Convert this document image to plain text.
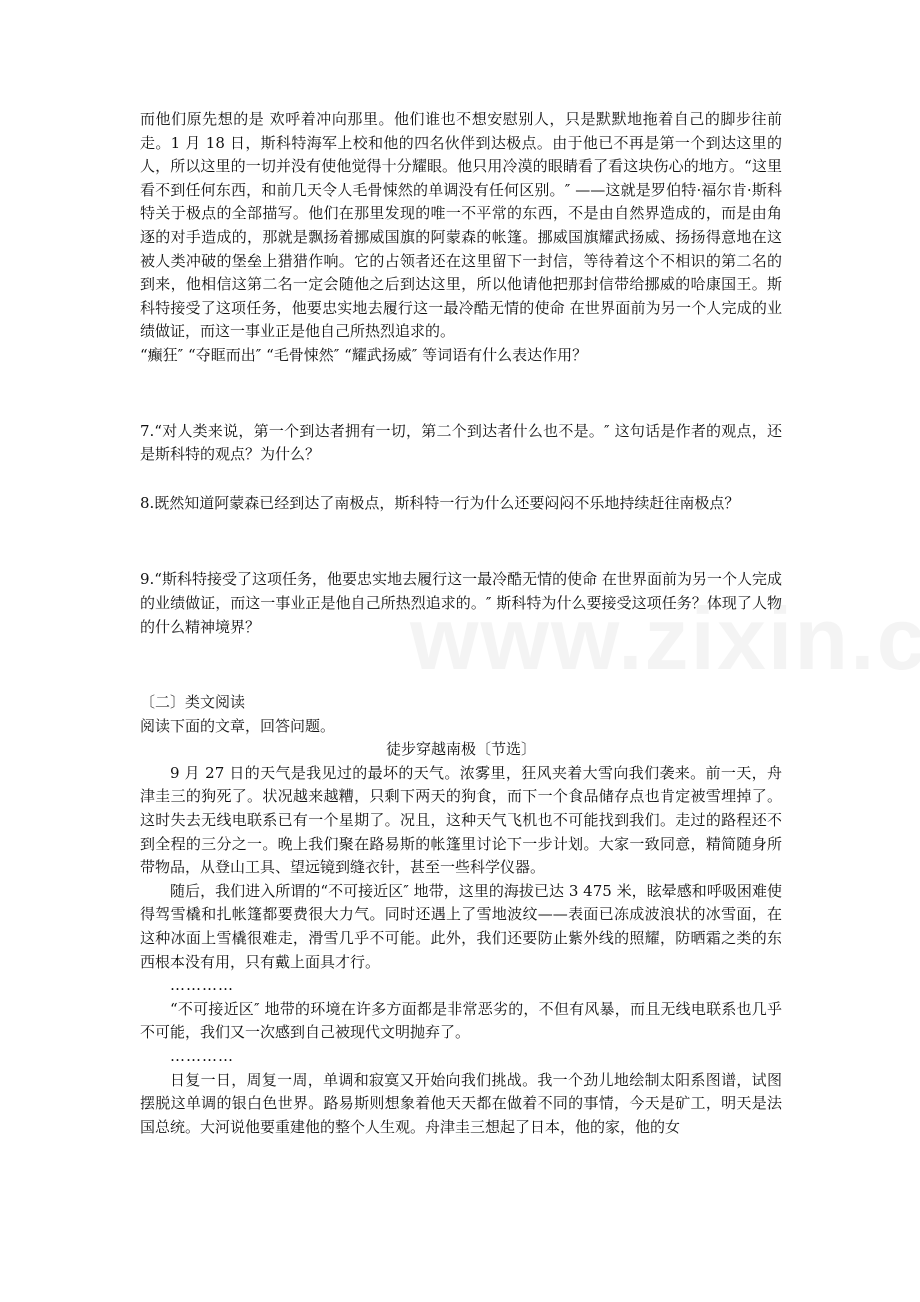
而他们原先想的是 欢呼着冲向那里。他们谁也不想安慰别人，只是默默地拖着自己的脚步往前走。1 月 18 日，斯科特海军上校和他的四名伙伴到达极点。由于他已不再是第一个到达这里的人，所以这里的一切并没有使他觉得十分耀眼。他只用冷漠的眼睛看了看这块伤心的地方。“这里看不到任何东西，和前几天令人毛骨悚然的单调没有任何区别。″ ——这就是罗伯特·福尔肯·斯科特关于极点的全部描写。他们在那里发现的唯一不平常的东西，不是由自然界造成的，而是由角逐的对手造成的，那就是飘扬着挪威国旗的阿蒙森的帐篷。挪威国旗耀武扬威、扬扬得意地在这被人类冲破的堡垒上猎猎作响。它的占领者还在这里留下一封信，等待着这个不相识的第二名的到来，他相信这第二名一定会随他之后到达这里，所以他请他把那封信带给挪威的哈康国王。斯科特接受了这项任务，他要忠实地去履行这一最冷酷无情的使命 在世界面前为另一个人完成的业绩做证，而这一事业正是他自己所热烈追求的。

“癫狂″ “夺眶而出″ “毛骨悚然″ “耀武扬威″ 等词语有什么表达作用？

7.“对人类来说，第一个到达者拥有一切，第二个到达者什么也不是。″ 这句话是作者的观点，还是斯科特的观点？为什么？

8.既然知道阿蒙森已经到达了南极点，斯科特一行为什么还要闷闷不乐地持续赶往南极点？

9.“斯科特接受了这项任务，他要忠实地去履行这一最冷酷无情的使命 在世界面前为另一个人完成的业绩做证，而这一事业正是他自己所热烈追求的。″ 斯科特为什么要接受这项任务？体现了人物的什么精神境界？

〔二〕类文阅读

阅读下面的文章，回答问题。

徒步穿越南极〔节选〕

9 月 27 日的天气是我见过的最坏的天气。浓雾里，狂风夹着大雪向我们袭来。前一天，舟津圭三的狗死了。状况越来越糟，只剩下两天的狗食，而下一个食品储存点也肯定被雪埋掉了。这时失去无线电联系已有一个星期了。况且，这种天气飞机也不可能找到我们。走过的路程还不到全程的三分之一。晚上我们聚在路易斯的帐篷里讨论下一步计划。大家一致同意，精简随身所带物品，从登山工具、望远镜到缝衣针，甚至一些科学仪器。

随后，我们进入所谓的“不可接近区″ 地带，这里的海拔已达 3 475 米，眩晕感和呼吸困难使得驾雪橇和扎帐篷都要费很大力气。同时还遇上了雪地波纹——表面已冻成波浪状的冰雪面，在这种冰面上雪橇很难走，滑雪几乎不可能。此外，我们还要防止紫外线的照耀，防晒霜之类的东西根本没有用，只有戴上面具才行。

…………

“不可接近区″ 地带的环境在许多方面都是非常恶劣的，不但有风暴，而且无线电联系也几乎不可能，我们又一次感到自己被现代文明抛弃了。

…………

日复一日，周复一周，单调和寂寞又开始向我们挑战。我一个劲儿地绘制太阳系图谱，试图摆脱这单调的银白色世界。路易斯则想象着他天天都在做着不同的事情，今天是矿工，明天是法国总统。大河说他要重建他的整个人生观。舟津圭三想起了日本，他的家，他的女
